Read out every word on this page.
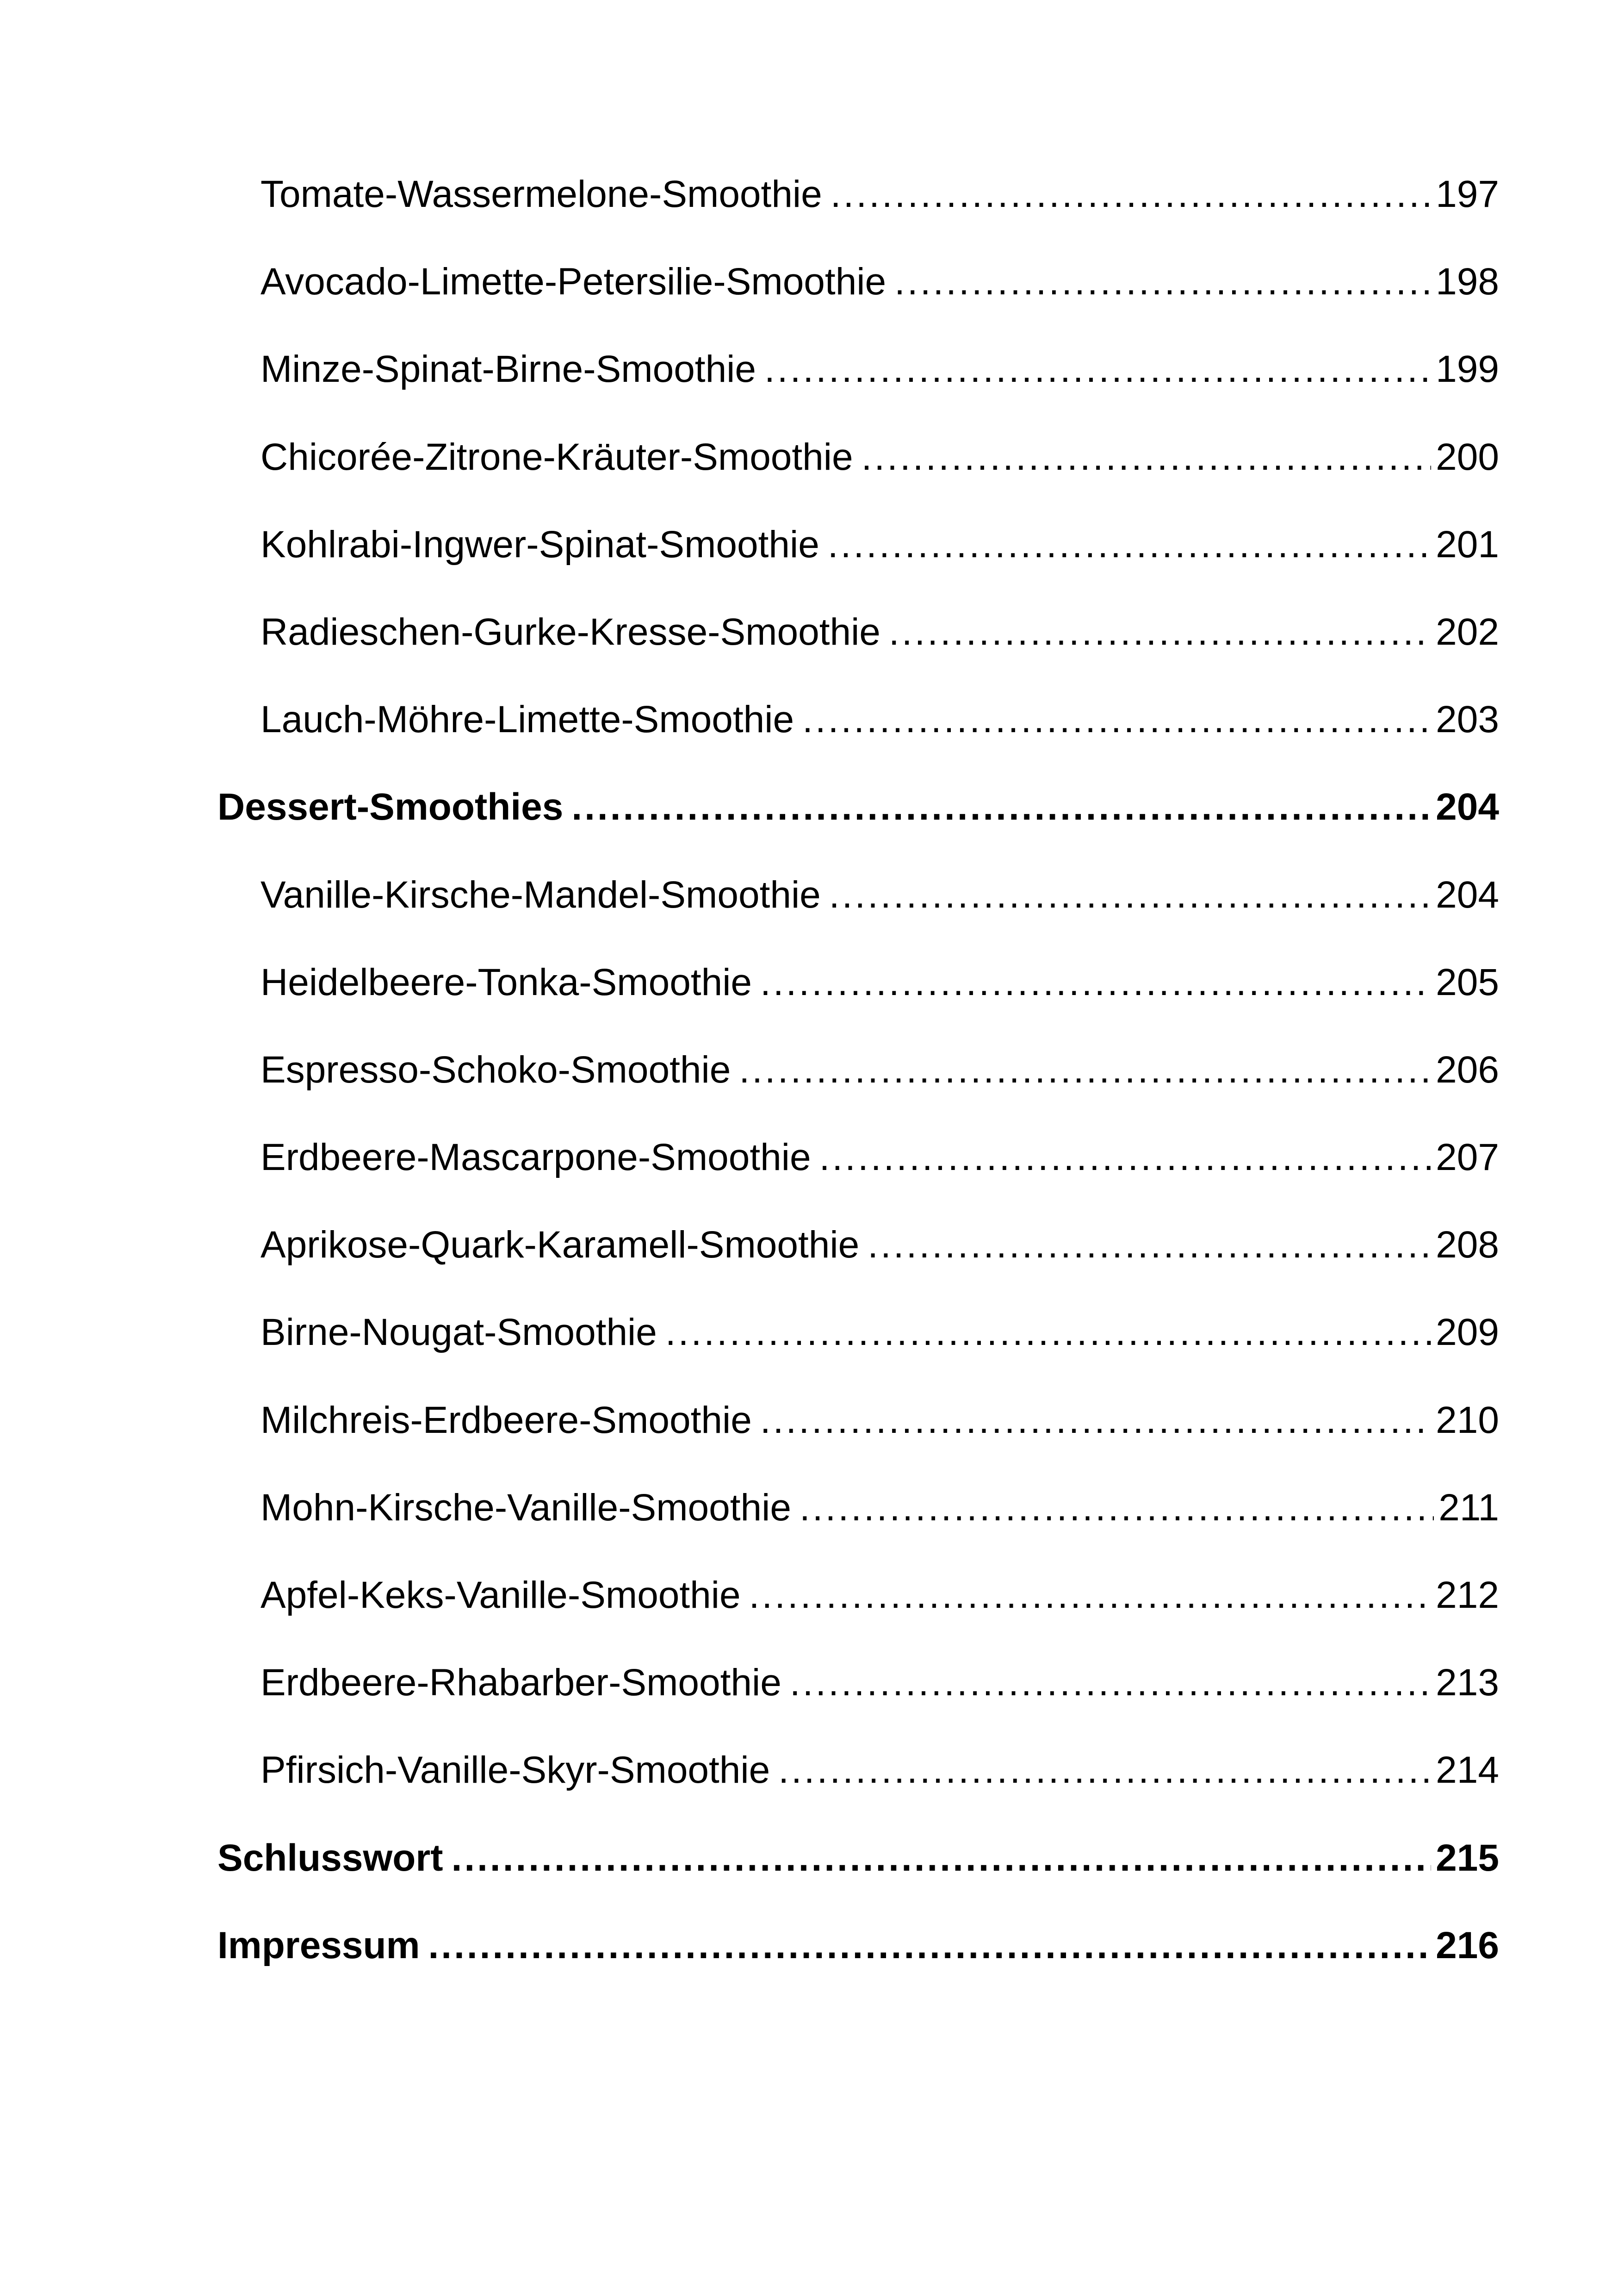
Tomate-Wassermelone-Smoothie .....	197
Avocado-Limette-Petersilie-Smoothie .....	198
Minze-Spinat-Birne-Smoothie .....	199
Chicorée-Zitrone-Kräuter-Smoothie .....	200
Kohlrabi-Ingwer-Spinat-Smoothie .....	201
Radieschen-Gurke-Kresse-Smoothie .....	202
Lauch-Möhre-Limette-Smoothie .....	203
Dessert-Smoothies .....	204
Vanille-Kirsche-Mandel-Smoothie .....	204
Heidelbeere-Tonka-Smoothie .....	205
Espresso-Schoko-Smoothie .....	206
Erdbeere-Mascarpone-Smoothie .....	207
Aprikose-Quark-Karamell-Smoothie .....	208
Birne-Nougat-Smoothie .....	209
Milchreis-Erdbeere-Smoothie .....	210
Mohn-Kirsche-Vanille-Smoothie .....	211
Apfel-Keks-Vanille-Smoothie .....	212
Erdbeere-Rhabarber-Smoothie .....	213
Pfirsich-Vanille-Skyr-Smoothie .....	214
Schlusswort .....	215
Impressum .....	216
